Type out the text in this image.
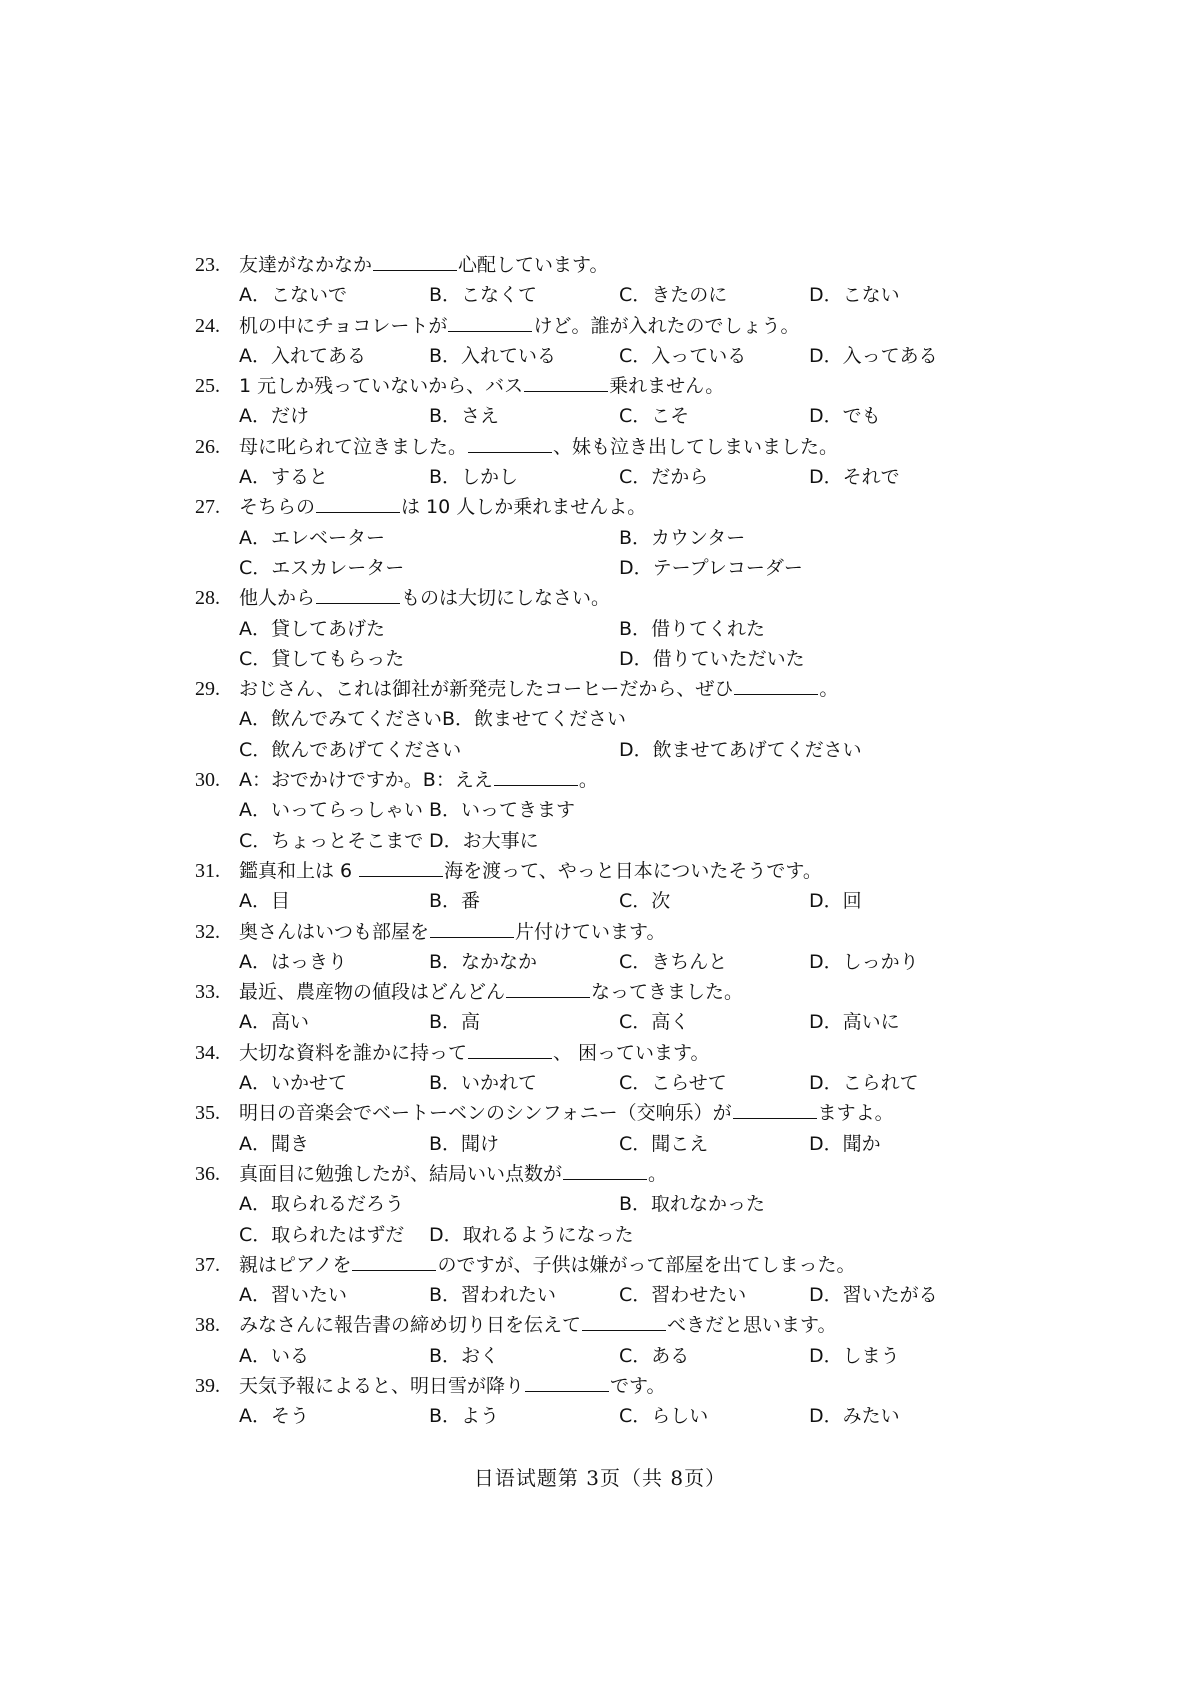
23. 友達がなかなか	心配しています。
A．こないで	B．こなくて	C．きたのに	D．こない
24. 机の中にチョコレートが	けど。誰が入れたのでしょう。
A．入れてある	B．入れている	C．入っている	D．入ってある
25. 1 元しか残っていないから、バス	乗れません。
A．だけ	B．さえ	C．こそ	D．でも
26. 母に叱られて泣きました。	、妹も泣き出してしまいました。
A．すると	B．しかし	C．だから	D．それで
27. そちらの	は 10 人しか乗れませんよ。
A．エレベーター	B．カウンター
C．エスカレーター	D．テープレコーダー
28. 他人から	ものは大切にしなさい。
A．貸してあげた	B．借りてくれた
C．貸してもらった	D．借りていただいた
29. おじさん、これは御社が新発売したコーヒーだから、ぜひ	。
A．飲んでみてくださいB．飲ませてください
C．飲んであげてください	D．飲ませてあげてください
30. A：おでかけですか。B：ええ	。
A．いってらっしゃい B．いってきます
C．ちょっとそこまで D．お大事に
31. 鑑真和上は 6	海を渡って、やっと日本についたそうです。
A．目	B．番	C．次	D．回
32. 奥さんはいつも部屋を	片付けています。
A．はっきり	B．なかなか	C．きちんと	D．しっかり
33. 最近、農産物の値段はどんどん	なってきました。
A．高い	B．高	C．高く	D．高いに
34. 大切な資料を誰かに持って	、 困っています。
A．いかせて	B．いかれて	C．こらせて	D．こられて
35. 明日の音楽会でベートーベンのシンフォニー（交响乐）が	ますよ。
A．聞き	B．聞け	C．聞こえ	D．聞か
36. 真面目に勉強したが、結局いい点数が	。
A．取られるだろう	B．取れなかった
C．取られたはずだ D．取れるようになった
37. 親はピアノを	のですが、子供は嫌がって部屋を出てしまった。
A．習いたい	B．習われたい	C．習わせたい	D．習いたがる
38. みなさんに報告書の締め切り日を伝えて	べきだと思います。
A．いる	B．おく	C．ある	D．しまう
39. 天気予報によると、明日雪が降り	です。
A．そう	B．よう	C．らしい	D．みたい
日语试题第 3页（共 8页）
